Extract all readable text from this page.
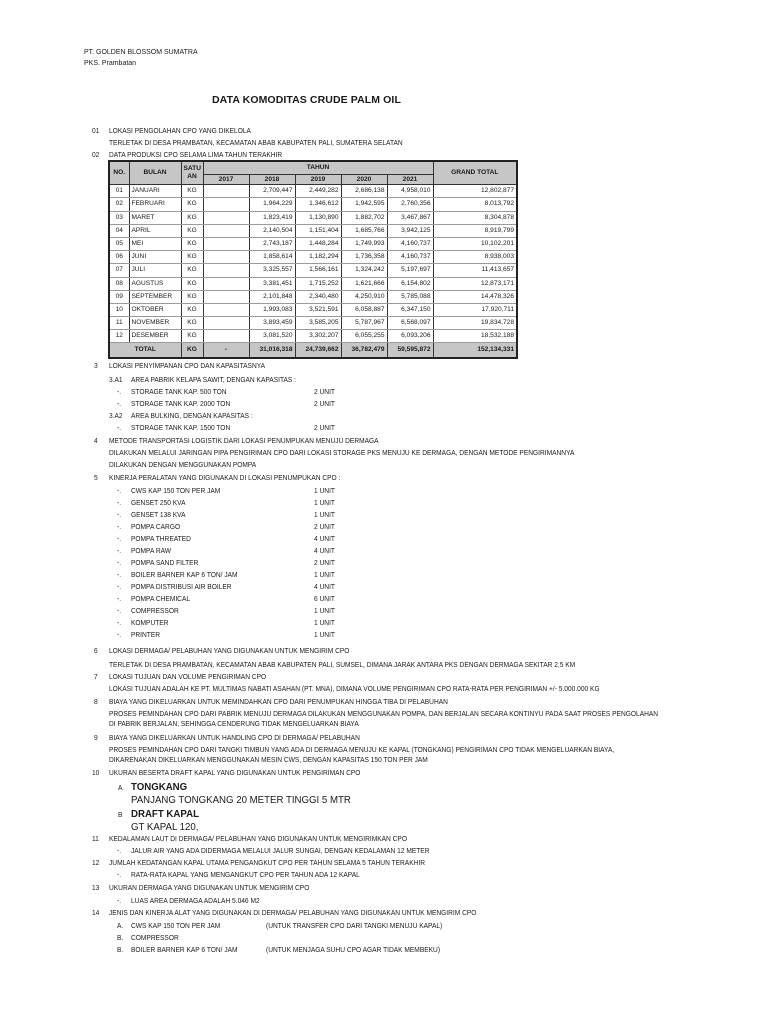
PT. GOLDEN BLOSSOM SUMATRA
PKS. Prambatan
DATA KOMODITAS CRUDE PALM OIL
01 LOKASI PENGOLAHAN CPO YANG DIKELOLA
TERLETAK DI DESA PRAMBATAN, KECAMATAN ABAB KABUPATEN PALI, SUMATERA SELATAN
02 DATA PRODUKSI CPO SELAMA LIMA TAHUN TERAKHIR
NO.	BULAN	SATU AN	TAHUN					GRAND TOTAL
			2017	2018	2019	2020	2021	
01	JANUARI	KG		2,709,447	2,449,282	2,686,138	4,958,010	12,802,877
02	FEBRUARI	KG		1,964,229	1,346,612	1,942,595	2,760,356	8,013,792
03	MARET	KG		1,823,419	1,130,890	1,882,702	3,467,867	8,304,878
04	APRIL	KG		2,140,504	1,151,404	1,685,766	3,942,125	8,919,799
05	MEI	KG		2,743,187	1,448,284	1,749,993	4,160,737	10,102,201
06	JUNI	KG		1,858,614	1,182,294	1,736,358	4,160,737	8,938,003
07	JULI	KG		3,325,557	1,566,161	1,324,242	5,197,697	11,413,657
08	AGUSTUS	KG		3,381,451	1,715,252	1,621,666	6,154,802	12,873,171
09	SEPTEMBER	KG		2,101,848	2,340,480	4,250,910	5,785,088	14,478,326
10	OKTOBER	KG		1,993,083	3,521,591	6,058,887	6,347,150	17,920,711
11	NOVEMBER	KG		3,893,459	3,585,205	5,787,967	6,568,097	19,834,728
12	DESEMBER	KG		3,081,520	3,302,207	6,055,255	6,093,206	18,532,188
TOTAL		KG	-	31,016,318	24,739,662	36,782,479	59,595,872	152,134,331
3 LOKASI PENYIMPANAN CPO DAN KAPASITASNYA
3.A1 AREA PABRIK KELAPA SAWIT, DENGAN KAPASITAS :
-. STORAGE TANK KAP. 500 TON	2 UNIT
-. STORAGE TANK KAP. 2000 TON	2 UNIT
3.A2 AREA BULKING, DENGAN KAPASITAS :
-. STORAGE TANK KAP. 1500 TON	2 UNIT
4 METODE TRANSPORTASI LOGISTIK DARI LOKASI PENUMPUKAN MENUJU DERMAGA
DILAKUKAN MELALUI JARINGAN PIPA PENGIRIMAN CPO DARI LOKASI STORAGE PKS MENUJU KE DERMAGA, DENGAN METODE PENGIRIMANNYA
DILAKUKAN DENGAN MENGGUNAKAN POMPA
5 KINERJA PERALATAN YANG DIGUNAKAN DI LOKASI PENUMPUKAN CPO :
-. CWS KAP 150 TON PER JAM	1 UNIT
-. GENSET 250 KVA	1 UNIT
-. GENSET 138 KVA	1 UNIT
-. POMPA CARGO	2 UNIT
-. POMPA THREATED	4 UNIT
-. POMPA RAW	4 UNIT
-. POMPA SAND FILTER	2 UNIT
-. BOILER BARNER KAP 6 TON/ JAM	1 UNIT
-. POMPA DISTRIBUSI AIR BOILER	4 UNIT
-. POMPA CHEMICAL	6 UNIT
-. COMPRESSOR	1 UNIT
-. KOMPUTER	1 UNIT
-. PRINTER	1 UNIT
6 LOKASI DERMAGA/ PELABUHAN YANG DIGUNAKAN UNTUK MENGIRIM CPO
TERLETAK DI DESA PRAMBATAN, KECAMATAN ABAB KABUPATEN PALI, SUMSEL, DIMANA JARAK ANTARA PKS DENGAN DERMAGA SEKITAR 2,5 KM
7 LOKASI TUJUAN DAN VOLUME PENGIRIMAN CPO
LOKASI TUJUAN ADALAH KE PT. MULTIMAS NABATI ASAHAN (PT. MNA), DIMANA VOLUME PENGIRIMAN CPO RATA-RATA PER PENGIRIMAN +/- 5.000.000 KG
8 BIAYA YANG DIKELUARKAN UNTUK MEMINDAHKAN CPO DARI PENUMPUKAN HINGGA TIBA DI PELABUHAN
PROSES PEMINDAHAN CPO DARI PABRIK MENUJU DERMAGA DILAKUKAN MENGGUNAKAN POMPA, DAN BERJALAN SECARA KONTINYU PADA SAAT PROSES PENGOLAHAN
DI PABRIK BERJALAN, SEHINGGA CENDERUNG TIDAK MENGELUARKAN BIAYA
9 BIAYA YANG DIKELUARKAN UNTUK HANDLING CPO DI DERMAGA/ PELABUHAN
PROSES PEMINDAHAN CPO DARI TANGKI TIMBUN YANG ADA DI DERMAGA MENUJU KE KAPAL (TONGKANG) PENGIRIMAN CPO TIDAK MENGELUARKAN BIAYA,
DIKARENAKAN DIKELUARKAN MENGGUNAKAN MESIN CWS, DENGAN KAPASITAS 150 TON PER JAM
10 UKURAN BESERTA DRAFT KAPAL YANG DIGUNAKAN UNTUK PENGIRIMAN CPO
A TONGKANG
PANJANG TONGKANG 20 METER TINGGI 5 MTR
B DRAFT KAPAL
GT KAPAL 120,
11 KEDALAMAN LAUT DI DERMAGA/ PELABUHAN YANG DIGUNAKAN UNTUK MENGIRIMKAN CPO
-. JALUR AIR YANG ADA DIDERMAGA MELALUI JALUR SUNGAI, DENGAN KEDALAMAN 12 METER
12 JUMLAH KEDATANGAN KAPAL UTAMA PENGANGKUT CPO PER TAHUN SELAMA 5 TAHUN TERAKHIR
-. RATA-RATA KAPAL YANG MENGANGKUT CPO PER TAHUN ADA 12 KAPAL
13 UKURAN DERMAGA YANG DIGUNAKAN UNTUK MENGIRIM CPO
-. LUAS AREA DERMAGA ADALAH 5.046 M2
14 JENIS DAN KINERJA ALAT YANG DIGUNAKAN DI DERMAGA/ PELABUHAN YANG DIGUNAKAN UNTUK MENGIRIM CPO
A. CWS KAP 150 TON PER JAM	(UNTUK TRANSFER CPO DARI TANGKI MENUJU KAPAL)
B. COMPRESSOR
B. BOILER BARNER KAP 6 TON/ JAM	(UNTUK MENJAGA SUHU CPO AGAR TIDAK MEMBEKU)
